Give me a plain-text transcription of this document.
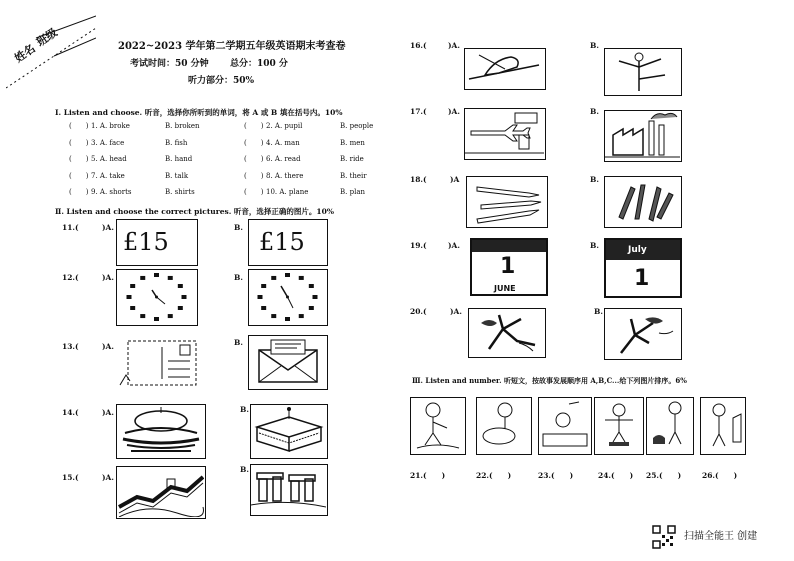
姓名
班级	2022~2023 学年第二学期五年级英语期末考查卷
考试时间：50 分钟 总分：100 分
听力部分：50%
Ⅰ. Listen and choose. 听音，选择你所听到的单词，将 A 或 B 填在括号内。10%
(　　) 1. A. broke	B. broken	(　　) 2. A. pupil	B. people
(　　) 3. A. face	B. fish	(　　) 4. A. man	B. men
(　　) 5. A. head	B. hand	(　　) 6. A. read	B. ride
(　　) 7. A. take	B. talk	(　　) 8. A. there	B. their
(　　) 9. A. shorts	B. shirts	(　　) 10. A. plane	B. plan
Ⅱ. Listen and choose the correct pictures. 听音，选择正确的图片。10%
11.(	)A.
£15
B.
£15
12.(	)A.	B.
13.(	)A.	B.
14.(	)A.	B.
15.(	)A.
B.
16.(	)A.	B.
17.(	)A.	B.
18.(	)A	B.
19.(	)A.
1
JUNE
B.	July
1
20.(	)A.	B.
Ⅲ. Listen and number. 听短文，按故事发展顺序用 A,B,C...给下列图片排序。6%
21.(　　)	22.(　　)	23.(　　)	24.(　　) 25.(　　)	26.(　　)
扫描全能王 创建
